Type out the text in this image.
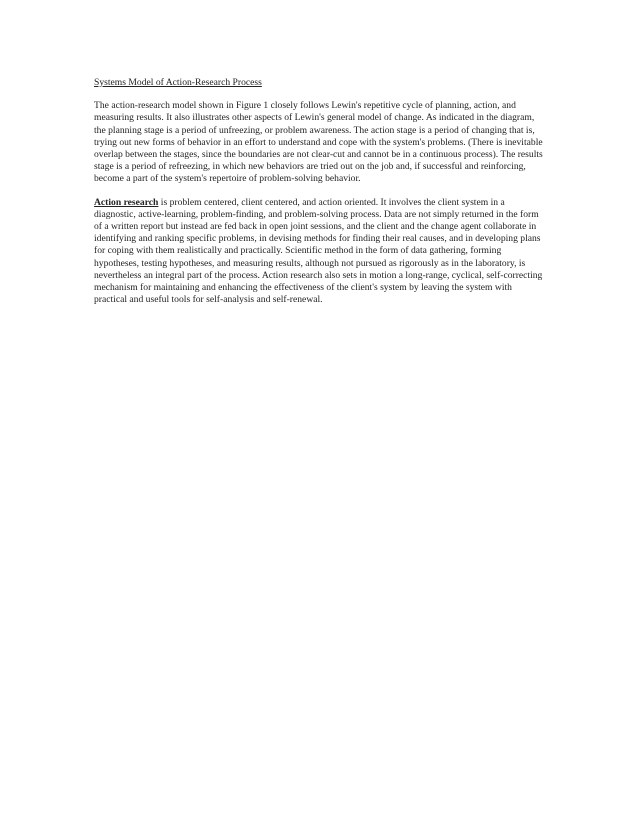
Systems Model of Action-Research Process

The action-research model shown in Figure 1 closely follows Lewin's repetitive cycle of planning, action, and measuring results. It also illustrates other aspects of Lewin's general model of change. As indicated in the diagram, the planning stage is a period of unfreezing, or problem awareness. The action stage is a period of changing that is, trying out new forms of behavior in an effort to understand and cope with the system's problems. (There is inevitable overlap between the stages, since the boundaries are not clear-cut and cannot be in a continuous process). The results stage is a period of refreezing, in which new behaviors are tried out on the job and, if successful and reinforcing, become a part of the system's repertoire of problem-solving behavior.

Action research is problem centered, client centered, and action oriented. It involves the client system in a diagnostic, active-learning, problem-finding, and problem-solving process. Data are not simply returned in the form of a written report but instead are fed back in open joint sessions, and the client and the change agent collaborate in identifying and ranking specific problems, in devising methods for finding their real causes, and in developing plans for coping with them realistically and practically. Scientific method in the form of data gathering, forming hypotheses, testing hypotheses, and measuring results, although not pursued as rigorously as in the laboratory, is nevertheless an integral part of the process. Action research also sets in motion a long-range, cyclical, self-correcting mechanism for maintaining and enhancing the effectiveness of the client's system by leaving the system with practical and useful tools for self-analysis and self-renewal.
